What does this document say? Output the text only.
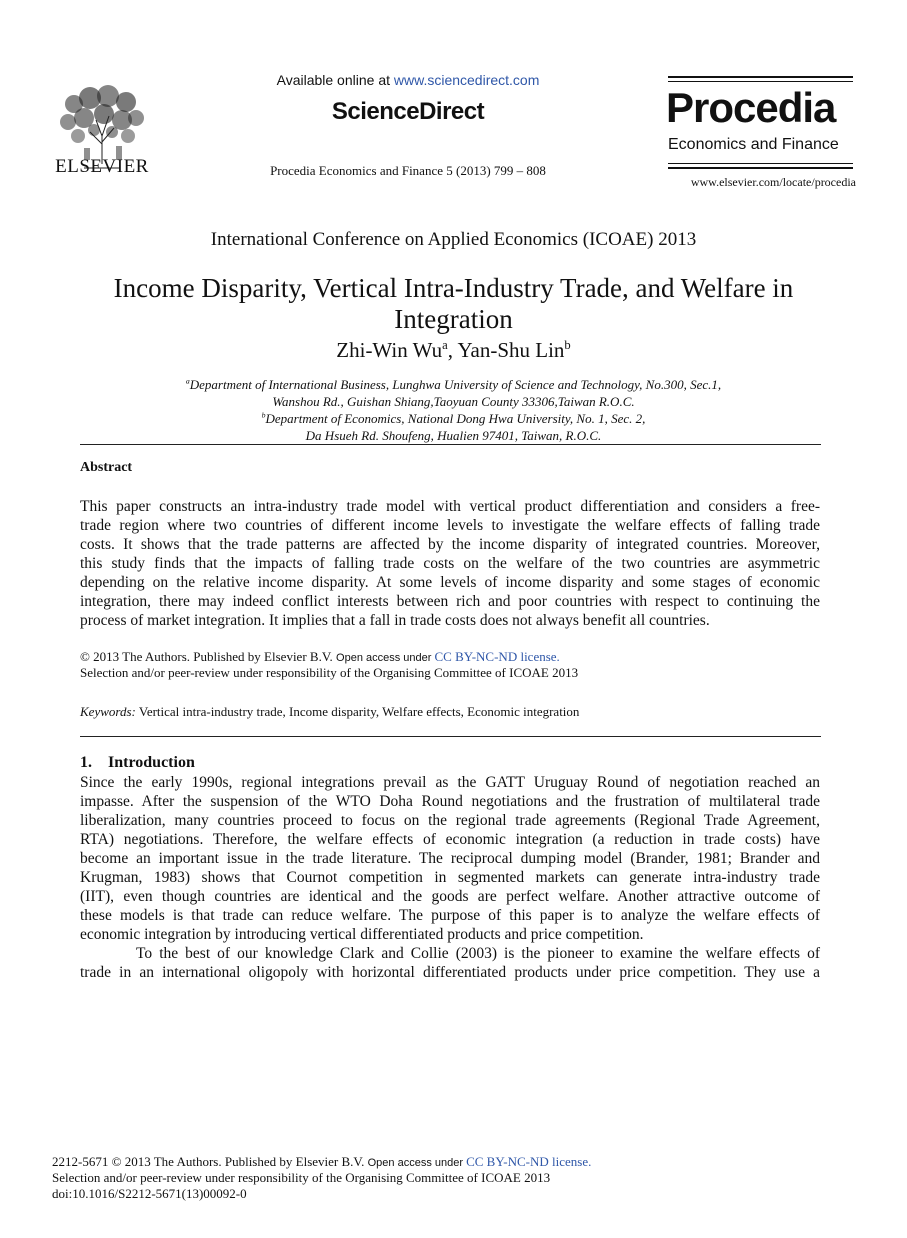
ELSEVIER
Available online at www.sciencedirect.com
ScienceDirect
Procedia Economics and Finance 5 (2013) 799 – 808
Procedia
Economics and Finance
www.elsevier.com/locate/procedia
International Conference on Applied Economics (ICOAE) 2013
Income Disparity, Vertical Intra-Industry Trade, and Welfare in
Integration
Zhi-Win Wu$^a$, Yan-Shu Lin$^b$
$^a$Department of International Business, Lunghwa University of Science and Technology, No.300, Sec.1,
Wanshou Rd., Guishan Shiang,Taoyuan County 33306,Taiwan R.O.C.
$^b$Department of Economics, National Dong Hwa University, No. 1, Sec. 2,
Da Hsueh Rd. Shoufeng, Hualien 97401, Taiwan, R.O.C.
Abstract
This paper constructs an intra-industry trade model with vertical product differentiation and considers a free-
trade region where two countries of different income levels to investigate the welfare effects of falling trade
costs. It shows that the trade patterns are affected by the income disparity of integrated countries. Moreover,
this study finds that the impacts of falling trade costs on the welfare of the two countries are asymmetric
depending on the relative income disparity. At some levels of income disparity and some stages of economic
integration, there may indeed conflict interests between rich and poor countries with respect to continuing the
process of market integration. It implies that a fall in trade costs does not always benefit all countries.
© 2013 The Authors. Published by Elsevier B.V. Open access under CC BY-NC-ND license.
Selection and/or peer-review under responsibility of the Organising Committee of ICOAE 2013
Keywords: Vertical intra-industry trade, Income disparity, Welfare effects, Economic integration
1.    Introduction
Since the early 1990s, regional integrations prevail as the GATT Uruguay Round of negotiation reached an
impasse. After the suspension of the WTO Doha Round negotiations and the frustration of multilateral trade
liberalization, many countries proceed to focus on the regional trade agreements (Regional Trade Agreement,
RTA) negotiations. Therefore, the welfare effects of economic integration (a reduction in trade costs) have
become an important issue in the trade literature. The reciprocal dumping model (Brander, 1981; Brander and
Krugman, 1983) shows that Cournot competition in segmented markets can generate intra-industry trade
(IIT), even though countries are identical and the goods are perfect welfare. Another attractive outcome of
these models is that trade can reduce welfare. The purpose of this paper is to analyze the welfare effects of
economic integration by introducing vertical differentiated products and price competition.
To the best of our knowledge Clark and Collie (2003) is the pioneer to examine the welfare effects of
trade in an international oligopoly with horizontal differentiated products under price competition. They use a
2212-5671 © 2013 The Authors. Published by Elsevier B.V. Open access under CC BY-NC-ND license.
Selection and/or peer-review under responsibility of the Organising Committee of ICOAE 2013
doi:10.1016/S2212-5671(13)00092-0
